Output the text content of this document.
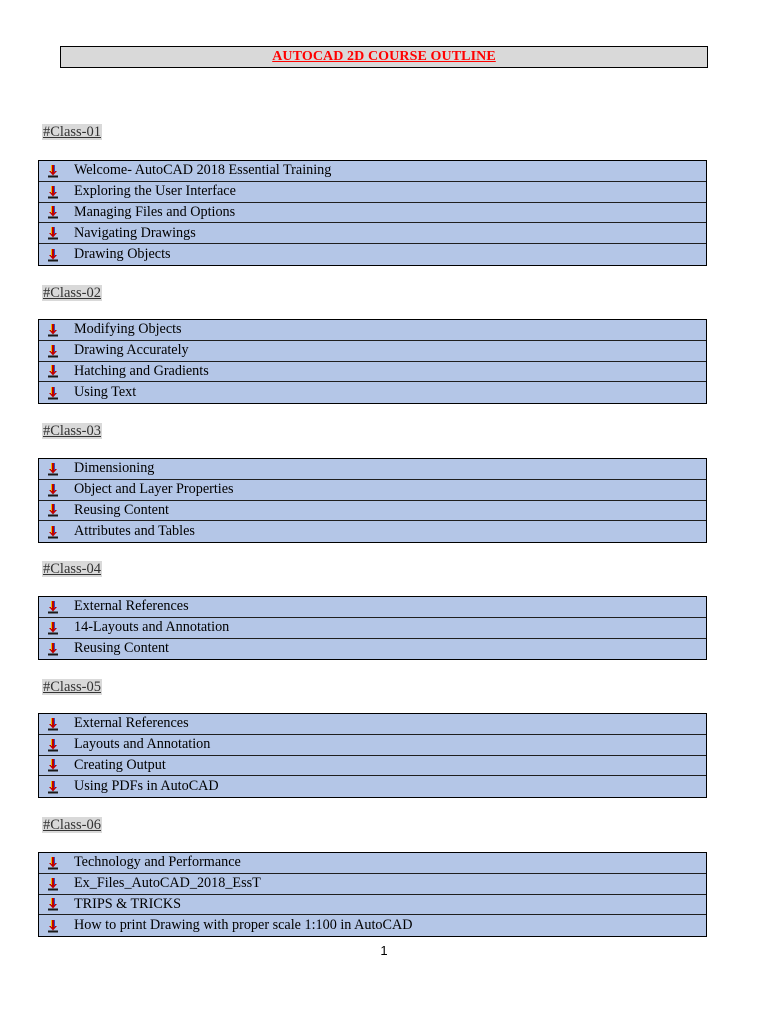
AUTOCAD 2D COURSE OUTLINE
#Class-01
Welcome- AutoCAD 2018 Essential Training
Exploring the User Interface
Managing Files and Options
Navigating Drawings
Drawing Objects
#Class-02
Modifying Objects
Drawing Accurately
Hatching and Gradients
Using Text
#Class-03
Dimensioning
Object and Layer Properties
Reusing Content
Attributes and Tables
#Class-04
External References
14-Layouts and Annotation
Reusing Content
#Class-05
External References
Layouts and Annotation
Creating Output
Using PDFs in AutoCAD
#Class-06
Technology and Performance
Ex_Files_AutoCAD_2018_EssT
TRIPS & TRICKS
How to print Drawing with proper scale 1:100 in AutoCAD
1
